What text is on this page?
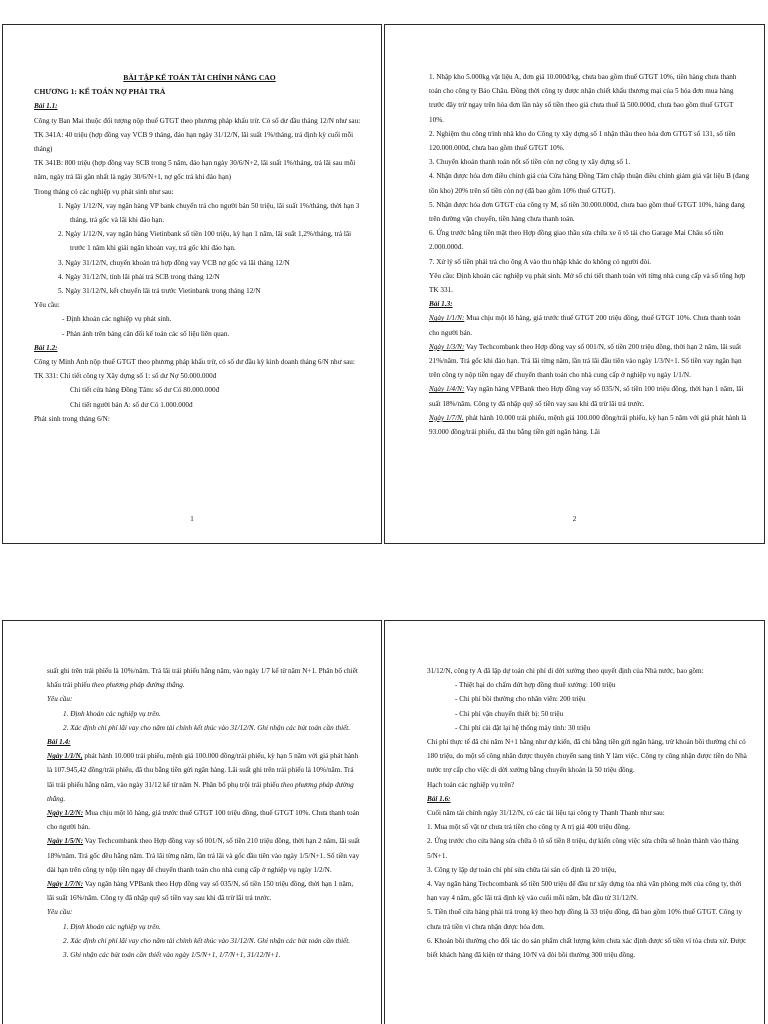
BÀI TẬP KẾ TOÁN TÀI CHÍNH NÂNG CAO

CHƯƠNG 1: KẾ TOÁN NỢ PHẢI TRẢ

Bài 1.1:

Công ty Ban Mai thuộc đối tượng nộp thuế GTGT theo phương pháp khấu trừ. Có số dư đầu tháng 12/N như sau:

TK 341A: 40 triệu (hợp đồng vay VCB 9 tháng, đáo hạn ngày 31/12/N, lãi suất 1%/tháng, trả định kỳ cuối mỗi tháng)

TK 341B: 800 triệu (hợp đồng vay SCB trong 5 năm, đáo hạn ngày 30/6/N+2, lãi suất 1%/tháng, trả lãi sau mỗi năm, ngày trả lãi gần nhất là ngày 30/6/N+1, nợ gốc trả khi đáo hạn)

Trong tháng có các nghiệp vụ phát sinh như sau:

1. Ngày 1/12/N, vay ngân hàng VP bank chuyển trả cho người bán 50 triệu, lãi suất 1%/tháng, thời hạn 3 tháng, trả gốc và lãi khi đáo hạn.
2. Ngày 1/12/N, vay ngân hàng Vietinbank số tiền 100 triệu, kỳ hạn 1 năm, lãi suất 1,2%/tháng, trả lãi trước 1 năm khi giải ngân khoản vay, trả gốc khi đáo hạn.
3. Ngày 31/12/N, chuyển khoản trả hợp đồng vay VCB nợ gốc và lãi tháng 12/N
4. Ngày 31/12/N, tính lãi phải trả SCB trong tháng 12/N
5. Ngày 31/12/N, kết chuyển lãi trả trước Vietinbank trong tháng 12/N

Yêu cầu:

- Định khoản các nghiệp vụ phát sinh.
- Phản ánh trên bảng cân đối kế toán các số liệu liên quan.

Bài 1.2:

Công ty Minh Anh nộp thuế GTGT theo phương pháp khấu trừ, có số dư đầu kỳ kinh doanh tháng 6/N như sau:

TK 331: Chi tiết công ty Xây dựng số 1: số dư Nợ 50.000.000đ

Chi tiết cửa hàng Đồng Tâm: số dư Có 80.000.000đ

Chi tiết người bán A: số dư Có 1.000.000đ

Phát sinh trong tháng 6/N:

1

1. Nhập kho 5.000kg vật liệu A, đơn giá 10.000đ/kg, chưa bao gồm thuế GTGT 10%, tiền hàng chưa thanh toán cho công ty Bảo Châu. Đồng thời công ty được nhận chiết khấu thương mại của 5 hóa đơn mua hàng trước đây trừ ngay trên hóa đơn lần này số tiền theo giá chưa thuế là 500.000đ, chưa bao gồm thuế GTGT 10%.

2. Nghiệm thu công trình nhà kho do Công ty xây dựng số 1 nhận thầu theo hóa đơn GTGT số 131, số tiền 120.000.000đ, chưa bao gồm thuế GTGT 10%.

3. Chuyển khoản thanh toán nốt số tiền còn nợ công ty xây dựng số 1.

4. Nhận được hóa đơn điều chỉnh giá của Cửa hàng Đồng Tâm chấp thuận điều chỉnh giảm giá vật liệu B (đang tồn kho) 20% trên số tiền còn nợ (đã bao gồm 10% thuế GTGT).

5. Nhận được hóa đơn GTGT của công ty M, số tiền 30.000.000đ, chưa bao gồm thuế GTGT 10%, hàng đang trên đường vận chuyển, tiền hàng chưa thanh toán.

6. Ứng trước bằng tiền mặt theo Hợp đồng giao thầu sửa chữa xe ô tô tải cho Garage Mai Châu số tiền 2.000.000đ.

7. Xử lý số tiền phải trả cho ông A vào thu nhập khác do không có người đòi.

Yêu cầu: Định khoản các nghiệp vụ phát sinh. Mở sổ chi tiết thanh toán với từng nhà cung cấp và sổ tổng hợp TK 331.

Bài 1.3:

Ngày 1/1/N: Mua chịu một lô hàng, giá trước thuế GTGT 200 triệu đồng, thuế GTGT 10%. Chưa thanh toán cho người bán.

Ngày 1/3/N: Vay Techcombank theo Hợp đồng vay số 001/N, số tiền 200 triệu đồng, thời hạn 2 năm, lãi suất 21%/năm. Trả gốc khi đáo hạn. Trả lãi từng năm, lần trả lãi đầu tiên vào ngày 1/3/N+1. Số tiền vay ngân hạn trên công ty nộp tiền ngay để chuyển thanh toán cho nhà cung cấp ở nghiệp vụ ngày 1/1/N.

Ngày 1/4/N: Vay ngân hàng VPBank theo Hợp đồng vay số 035/N, số tiền 100 triệu đồng, thời hạn 1 năm, lãi suất 18%/năm. Công ty đã nhập quỹ số tiền vay sau khi đã trừ lãi trả trước.

Ngày 1/7/N. phát hành 10.000 trái phiếu, mệnh giá 100.000 đồng/trái phiếu, kỳ hạn 5 năm với giá phát hành là 93.000 đồng/trái phiếu, đã thu bằng tiền gửi ngân hàng. Lãi

2

suất ghi trên trái phiếu là 10%/năm. Trả lãi trái phiếu hằng năm, vào ngày 1/7 kể từ năm N+1. Phân bổ chiết khấu trái phiếu theo phương pháp đường thẳng.

Yêu cầu:

1. Định khoản các nghiệp vụ trên.

2. Xác định chi phí lãi vay cho năm tài chính kết thúc vào 31/12/N. Ghi nhận các bút toán cần thiết.

Bài 1.4:

Ngày 1/1/N, phát hành 10.000 trái phiếu, mệnh giá 100.000 đồng/trái phiếu, kỳ hạn 5 năm với giá phát hành là 107.945,42 đồng/trái phiếu, đã thu bằng tiền gửi ngân hàng. Lãi suất ghi trên trái phiếu là 10%/năm. Trả lãi trái phiếu hằng năm, vào ngày 31/12 kể từ năm N. Phân bổ phụ trội trái phiếu theo phương pháp đường thẳng.

Ngày 1/2/N: Mua chịu một lô hàng, giá trước thuế GTGT 100 triệu đồng, thuế GTGT 10%. Chưa thanh toán cho người bán.

Ngày 1/5/N: Vay Techcombank theo Hợp đồng vay số 001/N, số tiền 210 triệu đồng, thời hạn 2 năm, lãi suất 18%/năm. Trả gốc đều hằng năm. Trả lãi từng năm, lần trả lãi và gốc đầu tiên vào ngày 1/5/N+1. Số tiền vay dài hạn trên công ty nộp tiền ngay để chuyển thanh toán cho nhà cung cấp ở nghiệp vụ ngày 1/2/N.

Ngày 1/7/N: Vay ngân hàng VPBank theo Hợp đồng vay số 035/N, số tiền 150 triệu đồng, thời hạn 1 năm, lãi suất 16%/năm. Công ty đã nhập quỹ số tiền vay sau khi đã trừ lãi trả trước.

Yêu cầu:

1. Định khoản các nghiệp vụ trên.

2. Xác định chi phí lãi vay cho năm tài chính kết thúc vào 31/12/N. Ghi nhận các bút toán cần thiết.

3. Ghi nhận các bút toán cần thiết vào ngày 1/5/N+1, 1/7/N+1, 31/12/N+1.

31/12/N, công ty A đã lập dự toán chi phí di dời xưởng theo quyết định của Nhà nước, bao gồm:

- Thiệt hại do chấm dứt hợp đồng thuê xưởng: 100 triệu
- Chi phí bồi thường cho nhân viên: 200 triệu
- Chi phí vận chuyển thiết bị: 50 triệu
- Chi phí cài đặt lại hệ thống máy tính: 30 triệu

Chi phí thực tế đã chi năm N+1 bằng như dự kiến, đã chi bằng tiền gửi ngân hàng, trừ khoản bồi thường chỉ có 180 triệu, do một số công nhân được thuyên chuyển sang tỉnh Y làm việc. Công ty cũng nhận được tiền do Nhà nước trợ cấp cho việc di dời xưởng bằng chuyển khoản là 50 triệu đồng.

Hạch toán các nghiệp vụ trên?

Bài 1.6:

Cuối năm tài chính ngày 31/12/N, có các tài liệu tại công ty Thanh Thanh như sau:

1. Mua một số vật tư chưa trả tiền cho công ty A trị giá 400 triệu đồng.

2. Ứng trước cho cửa hàng sửa chữa ô tô số tiền 8 triệu, dự kiến công việc sửa chữa sẽ hoàn thành vào tháng 5/N+1.

3. Công ty lập dự toán chi phí sửa chữa tài sản cố định là 20 triệu,

4. Vay ngân hàng Techcombank số tiền 500 triệu để đầu tư xây dựng tòa nhà văn phòng mới của công ty, thời hạn vay 4 năm, gốc lãi trả định kỳ vào cuối mỗi năm, bắt đầu từ 31/12/N.

5. Tiền thuê cửa hàng phải trả trong kỳ theo hợp đồng là 33 triệu đồng, đã bao gồm 10% thuế GTGT. Công ty chưa trả tiền vì chưa nhận được hóa đơn.

6. Khoản bồi thường cho đối tác do sản phẩm chất lượng kém chưa xác định được số tiền vì tòa chưa xử. Được biết khách hàng đã kiện từ tháng 10/N và đòi bồi thường 300 triệu đồng.
